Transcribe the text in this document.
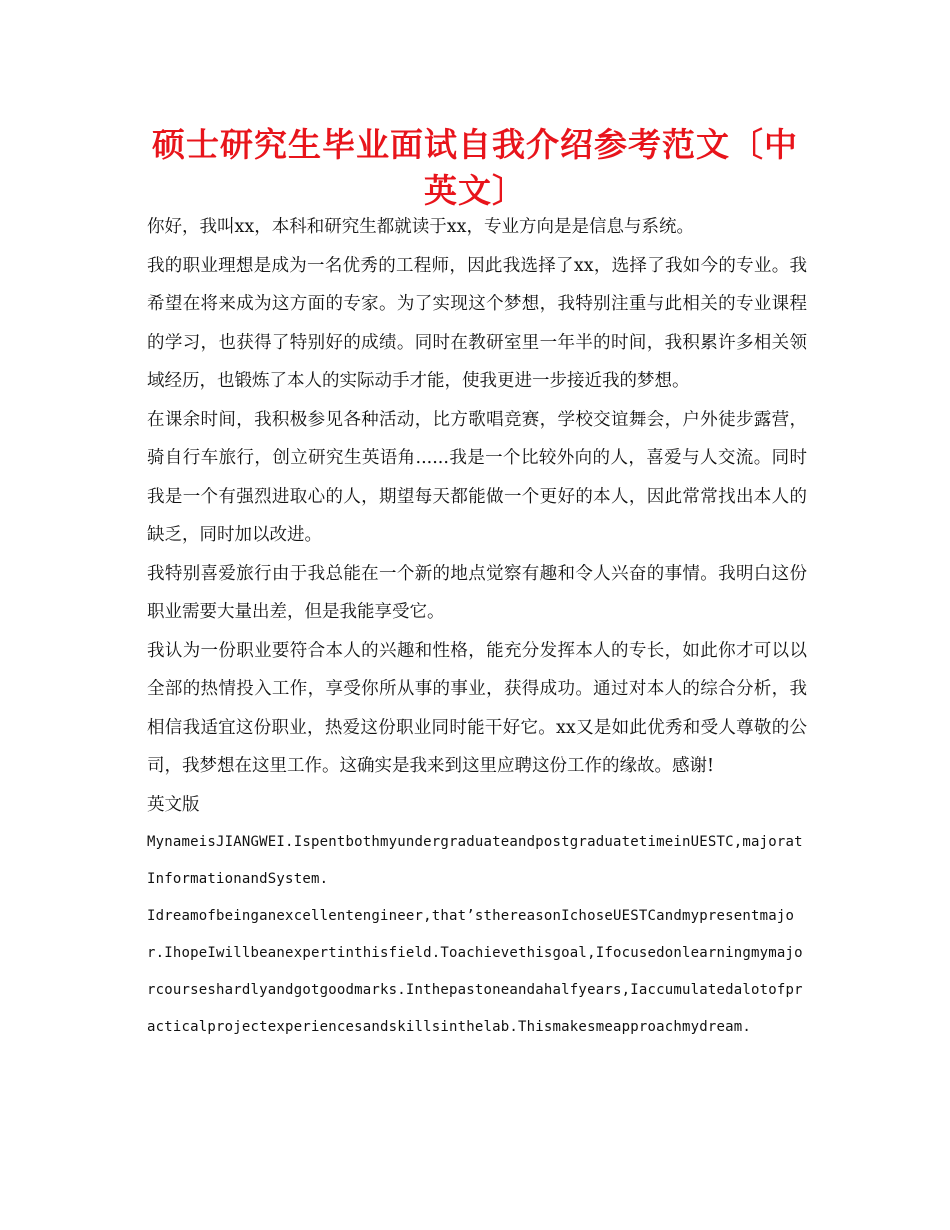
硕士研究生毕业面试自我介绍参考范文〔中英文〕

你好，我叫xx，本科和研究生都就读于xx，专业方向是是信息与系统。

我的职业理想是成为一名优秀的工程师，因此我选择了xx，选择了我如今的专业。我希望在将来成为这方面的专家。为了实现这个梦想，我特别注重与此相关的专业课程的学习，也获得了特别好的成绩。同时在教研室里一年半的时间，我积累许多相关领域经历，也锻炼了本人的实际动手才能，使我更进一步接近我的梦想。

在课余时间，我积极参见各种活动，比方歌唱竞赛，学校交谊舞会，户外徒步露营，骑自行车旅行，创立研究生英语角......我是一个比较外向的人，喜爱与人交流。同时我是一个有强烈进取心的人，期望每天都能做一个更好的本人，因此常常找出本人的缺乏，同时加以改进。

我特别喜爱旅行由于我总能在一个新的地点觉察有趣和令人兴奋的事情。我明白这份职业需要大量出差，但是我能享受它。

我认为一份职业要符合本人的兴趣和性格，能充分发挥本人的专长，如此你才可以以全部的热情投入工作，享受你所从事的事业，获得成功。通过对本人的综合分析，我相信我适宜这份职业，热爱这份职业同时能干好它。xx又是如此优秀和受人尊敬的公司，我梦想在这里工作。这确实是我来到这里应聘这份工作的缘故。感谢!

英文版

MynameisJIANGWEI.IspentbothmyundergraduateandpostgraduatetimeinUESTC,majoratInformationandSystem.

Idreamofbeinganexcellentengineer,that’sthereasonIchoseUESTCandmypresentmajor.IhopeIwillbeanexpertinthisfield.Toachievethisgoal,Ifocusedonlearningmymajorcourseshardlyandgotgoodmarks.Inthepastoneandahalfyears,Iaccumulatedalotofpracticalprojectexperiencesandskillsinthelab.Thismakesmeapproachmydream.
